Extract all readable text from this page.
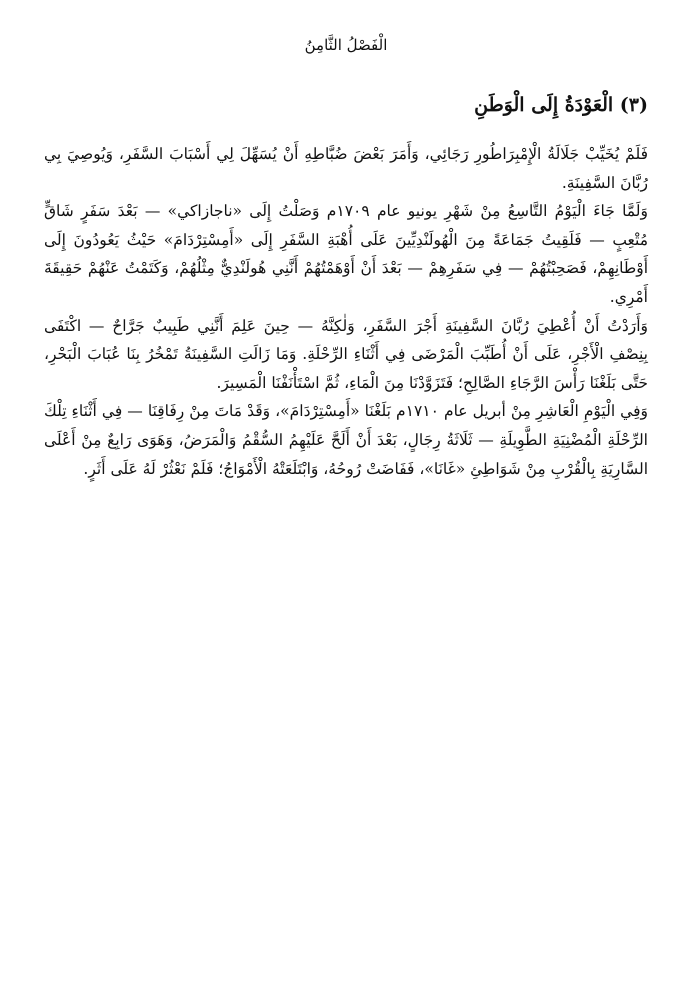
الْفَصْلُ الثَّامِنُ
(٣) الْعَوْدَةُ إِلَى الْوَطَنِ

فَلَمْ يُخَيِّبْ جَلَالَةُ الْإِمْبِرَاطُورِ رَجَائِي، وَأَمَرَ بَعْضَ ضُبَّاطِهِ أَنْ يُسَهِّلَ لِي أَسْبَابَ السَّفَرِ، وَيُوصِيَ بِي رُبَّانَ السَّفِينَةِ.

وَلَمَّا جَاءَ الْيَوْمُ التَّاسِعُ مِنْ شَهْرِ يونيو عام ١٧٠٩م وَصَلْتُ إِلَى «ناجازاكي» — بَعْدَ سَفَرٍ شَاقٍّ مُتْعِبٍ — فَلَقِيتُ جَمَاعَةً مِنَ الْهُولَنْدِيِّينَ عَلَى أُهْبَةِ السَّفَرِ إِلَى «أَمِسْتِرْدَامَ» حَيْثُ يَعُودُونَ إِلَى أَوْطَانِهِمْ، فَصَحِبْتُهُمْ — فِي سَفَرِهِمْ — بَعْدَ أَنْ أَوْهَمْتُهُمْ أَنَّنِي هُولَنْدِيٌّ مِثْلُهُمْ، وَكَتَمْتُ عَنْهُمْ حَقِيقَةَ أَمْرِي.

وَأَرَدْتُ أَنْ أُعْطِيَ رُبَّانَ السَّفِينَةِ أَجْرَ السَّفَرِ، وَلٰكِنَّهُ — حِينَ عَلِمَ أَنَّنِي طَبِيبٌ جَرَّاحٌ — اكْتَفَى بِنِصْفِ الْأَجْرِ، عَلَى أَنْ أُطَبِّبَ الْمَرْضَى فِي أَثْنَاءِ الرِّحْلَةِ. وَمَا زَالَتِ السَّفِينَةُ تَمْخُرُ بِنَا عُبَابَ الْبَحْرِ، حَتَّى بَلَغْنَا رَأْسَ الرَّجَاءِ الصَّالِحِ؛ فَتَزَوَّدْنَا مِنَ الْمَاءِ، ثُمَّ اسْتَأْنَفْنَا الْمَسِيرَ.

وَفِي الْيَوْمِ الْعَاشِرِ مِنْ أبريل عام ١٧١٠م بَلَغْنَا «أَمِسْتِرْدَامَ»، وَقَدْ مَاتَ مِنْ رِفَاقِنَا — فِي أَثْنَاءِ تِلْكَ الرِّحْلَةِ الْمُضْنِيَةِ الطَّوِيلَةِ — ثَلَاثَةُ رِجَالٍ، بَعْدَ أَنْ أَلَحَّ عَلَيْهِمُ السُّقْمُ وَالْمَرَضُ، وَهَوَى رَابِعٌ مِنْ أَعْلَى السَّارِيَةِ بِالْقُرْبِ مِنْ شَوَاطِئِ «غَانَا»، فَفَاضَتْ رُوحُهُ، وَابْتَلَعَتْهُ الْأَمْوَاجُ؛ فَلَمْ نَعْثُرْ لَهُ عَلَى أَثَرٍ.
